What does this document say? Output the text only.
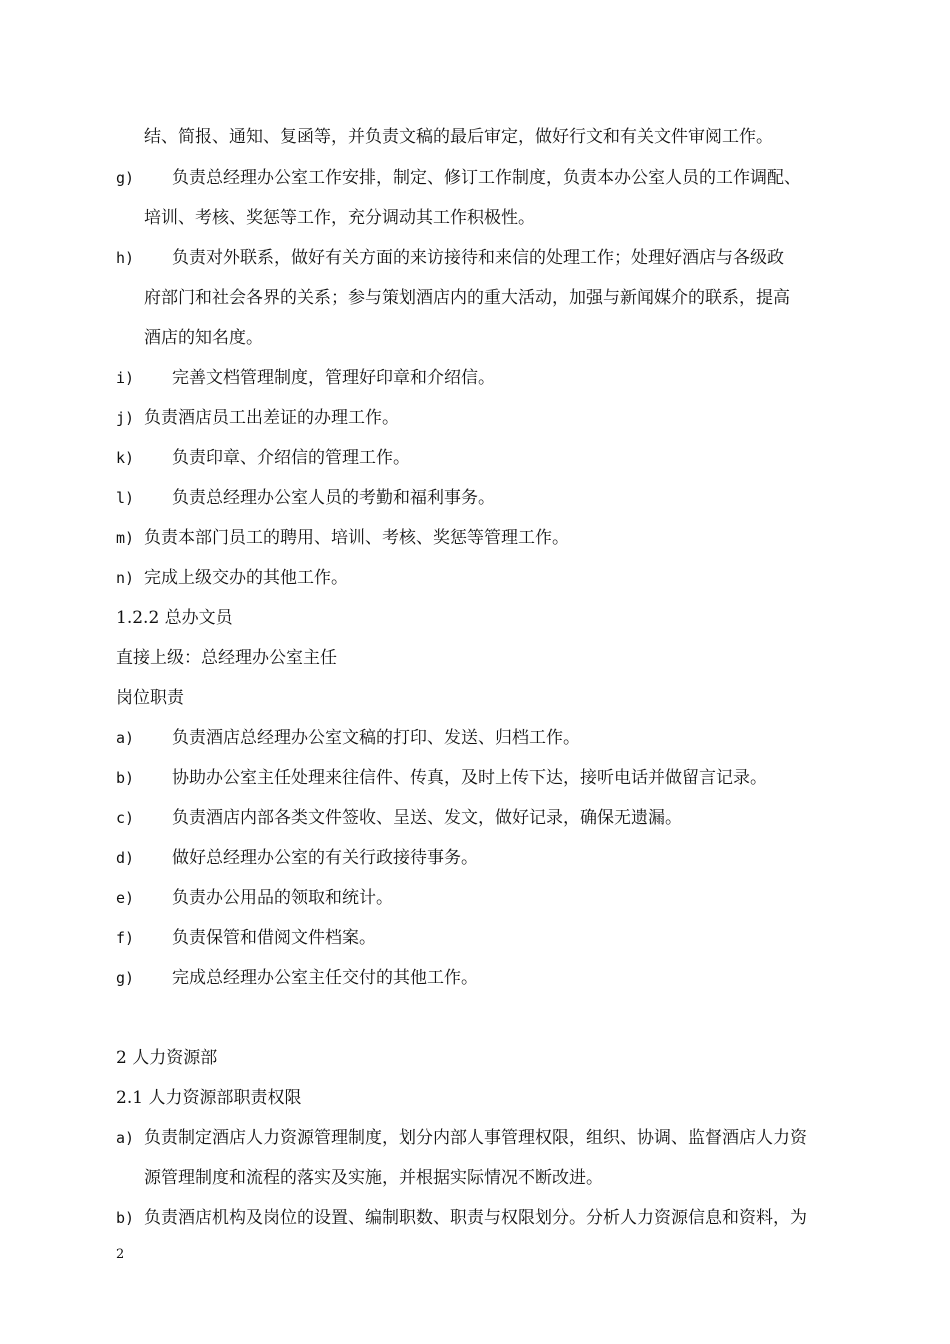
结、简报、通知、复函等，并负责文稿的最后审定，做好行文和有关文件审阅工作。
g) 负责总经理办公室工作安排，制定、修订工作制度，负责本办公室人员的工作调配、
培训、考核、奖惩等工作，充分调动其工作积极性。
h) 负责对外联系，做好有关方面的来访接待和来信的处理工作；处理好酒店与各级政
府部门和社会各界的关系；参与策划酒店内的重大活动，加强与新闻媒介的联系，提高
酒店的知名度。
i) 完善文档管理制度，管理好印章和介绍信。
j) 负责酒店员工出差证的办理工作。
k) 负责印章、介绍信的管理工作。
l) 负责总经理办公室人员的考勤和福利事务。
m) 负责本部门员工的聘用、培训、考核、奖惩等管理工作。
n) 完成上级交办的其他工作。
1.2.2 总办文员
直接上级：总经理办公室主任
岗位职责
a) 负责酒店总经理办公室文稿的打印、发送、归档工作。
b) 协助办公室主任处理来往信件、传真，及时上传下达，接听电话并做留言记录。
c) 负责酒店内部各类文件签收、呈送、发文，做好记录，确保无遗漏。
d) 做好总经理办公室的有关行政接待事务。
e) 负责办公用品的领取和统计。
f) 负责保管和借阅文件档案。
g) 完成总经理办公室主任交付的其他工作。
2 人力资源部
2.1 人力资源部职责权限
a) 负责制定酒店人力资源管理制度，划分内部人事管理权限，组织、协调、监督酒店人力资
源管理制度和流程的落实及实施，并根据实际情况不断改进。
b) 负责酒店机构及岗位的设置、编制职数、职责与权限划分。分析人力资源信息和资料，为
2
